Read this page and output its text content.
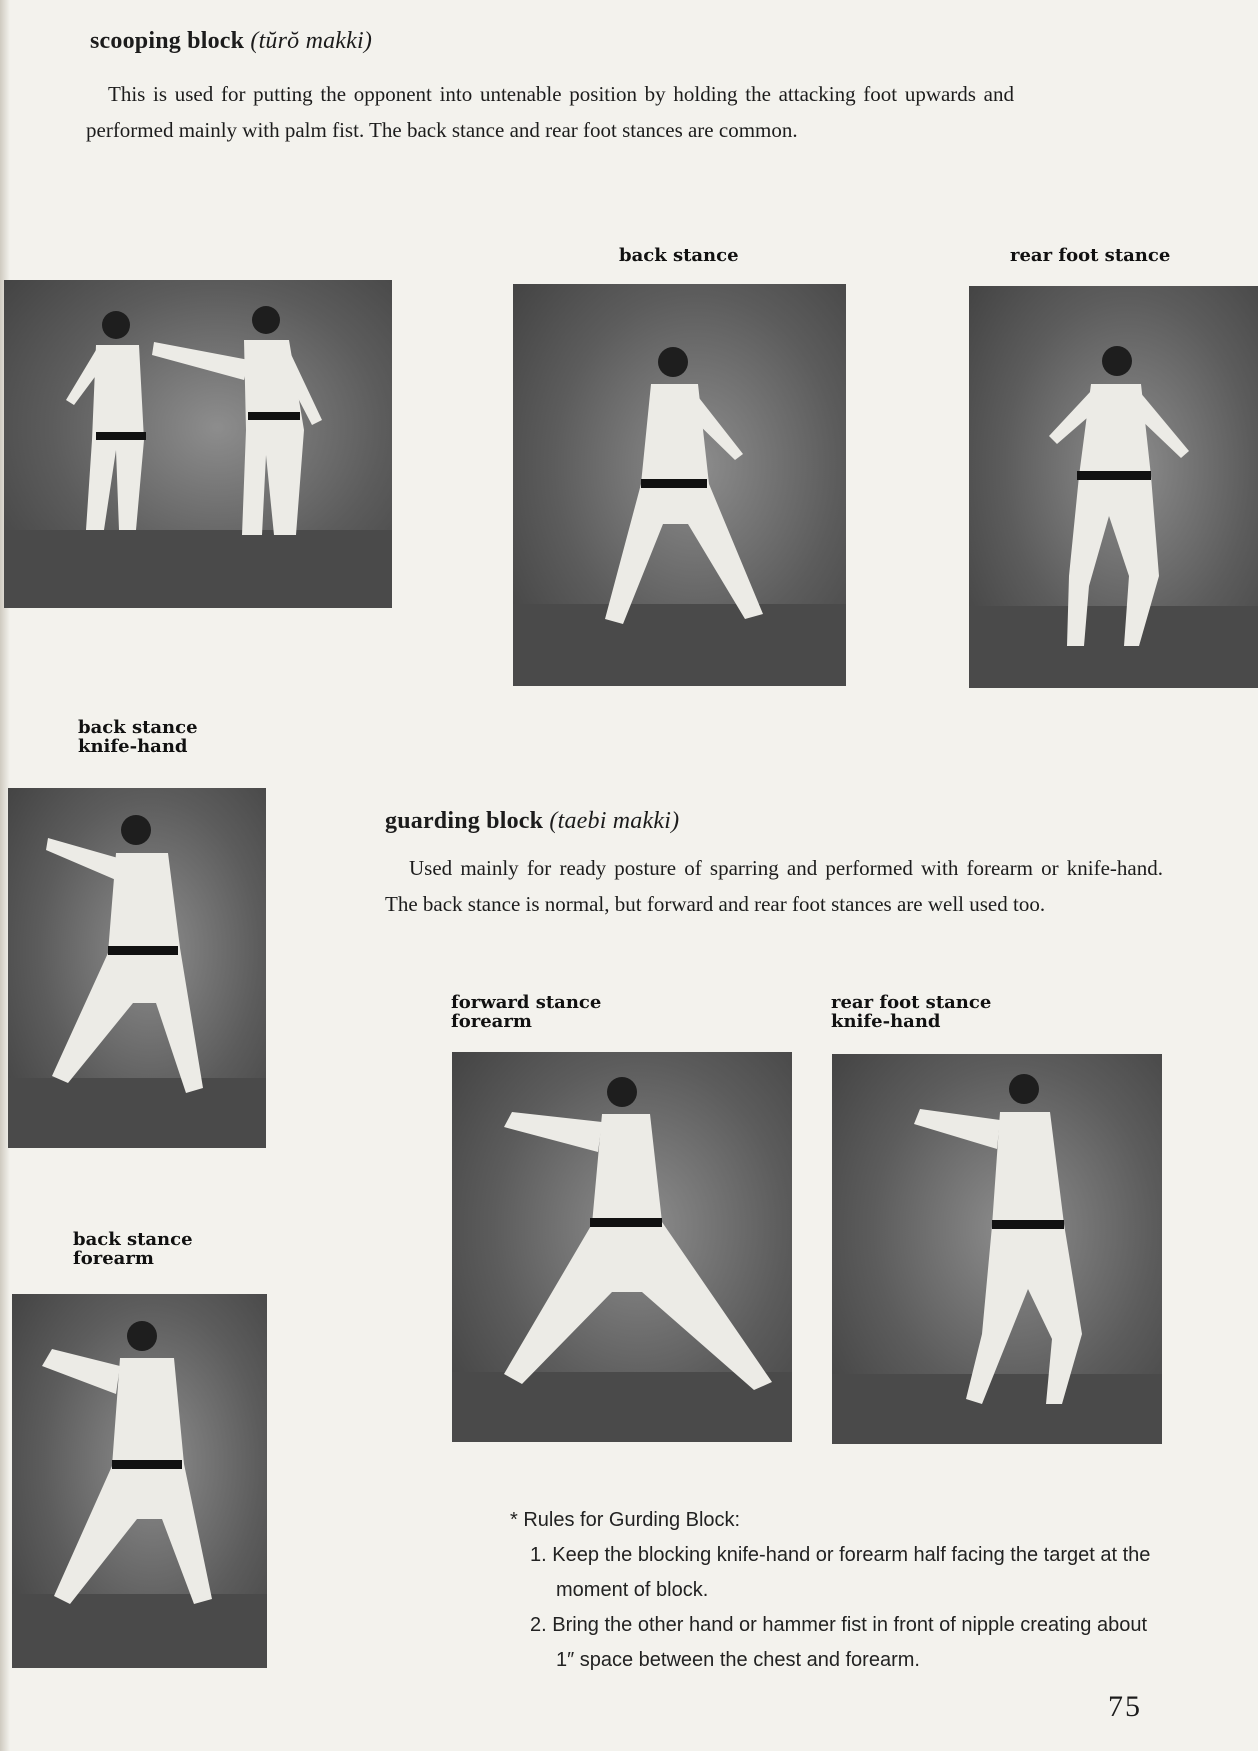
scooping block (tŭrŏ makki)
This is used for putting the opponent into untenable position by holding the attacking foot upwards and performed mainly with palm fist. The back stance and rear foot stances are common.
back stance	rear foot stance
back stance
knife-hand
back stance
forearm
guarding block (taebi makki)
Used mainly for ready posture of sparring and performed with forearm or knife-hand. The back stance is normal, but forward and rear foot stances are well used too.
forward stance
forearm
rear foot stance
knife-hand
* Rules for Gurding Block:
1. Keep the blocking knife-hand or forearm half facing the target at the moment of block.
2. Bring the other hand or hammer fist in front of nipple creating about 1″ space between the chest and forearm.
75
